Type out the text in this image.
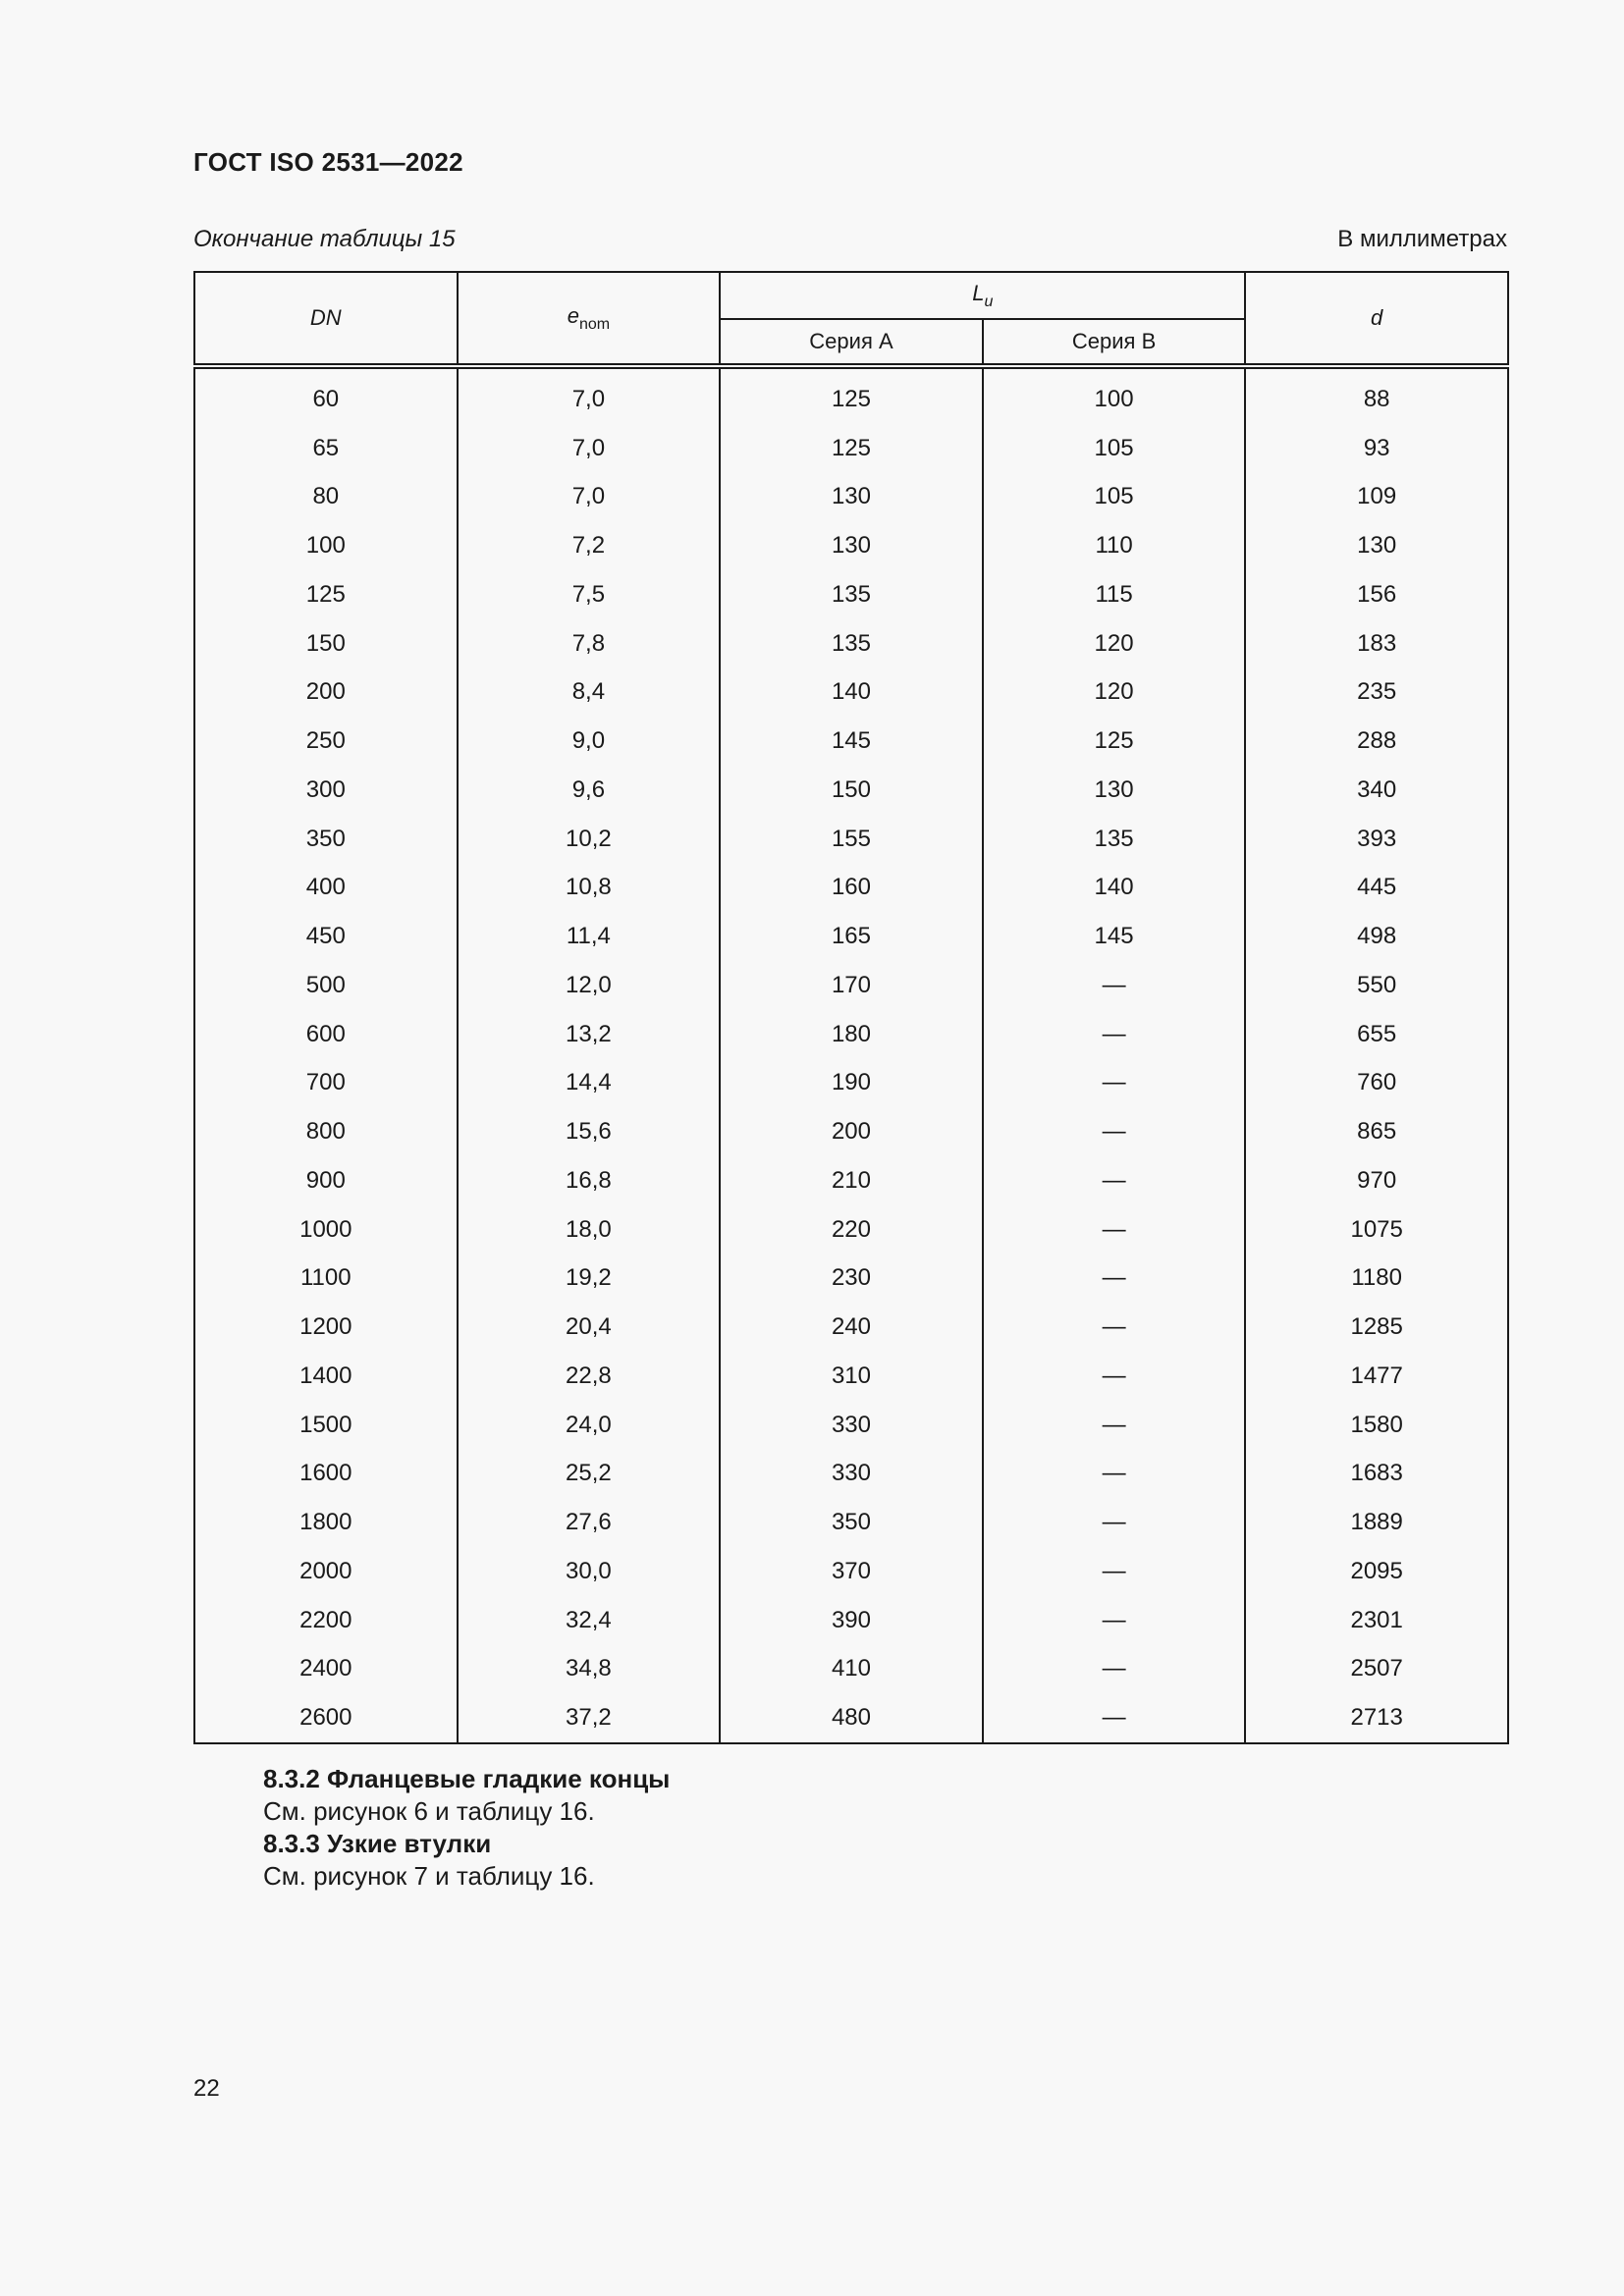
ГОСТ ISO 2531—2022
Окончание таблицы 15	В миллиметрах
DN	$e_{nom}$	$L_u$		d
		Серия А	Серия В	
60	7,0	125	100	88
65	7,0	125	105	93
80	7,0	130	105	109
100	7,2	130	110	130
125	7,5	135	115	156
150	7,8	135	120	183
200	8,4	140	120	235
250	9,0	145	125	288
300	9,6	150	130	340
350	10,2	155	135	393
400	10,8	160	140	445
450	11,4	165	145	498
500	12,0	170	—	550
600	13,2	180	—	655
700	14,4	190	—	760
800	15,6	200	—	865
900	16,8	210	—	970
1000	18,0	220	—	1075
1100	19,2	230	—	1180
1200	20,4	240	—	1285
1400	22,8	310	—	1477
1500	24,0	330	—	1580
1600	25,2	330	—	1683
1800	27,6	350	—	1889
2000	30,0	370	—	2095
2200	32,4	390	—	2301
2400	34,8	410	—	2507
2600	37,2	480	—	2713
8.3.2 Фланцевые гладкие концы
См. рисунок 6 и таблицу 16.
8.3.3 Узкие втулки
См. рисунок 7 и таблицу 16.
22
